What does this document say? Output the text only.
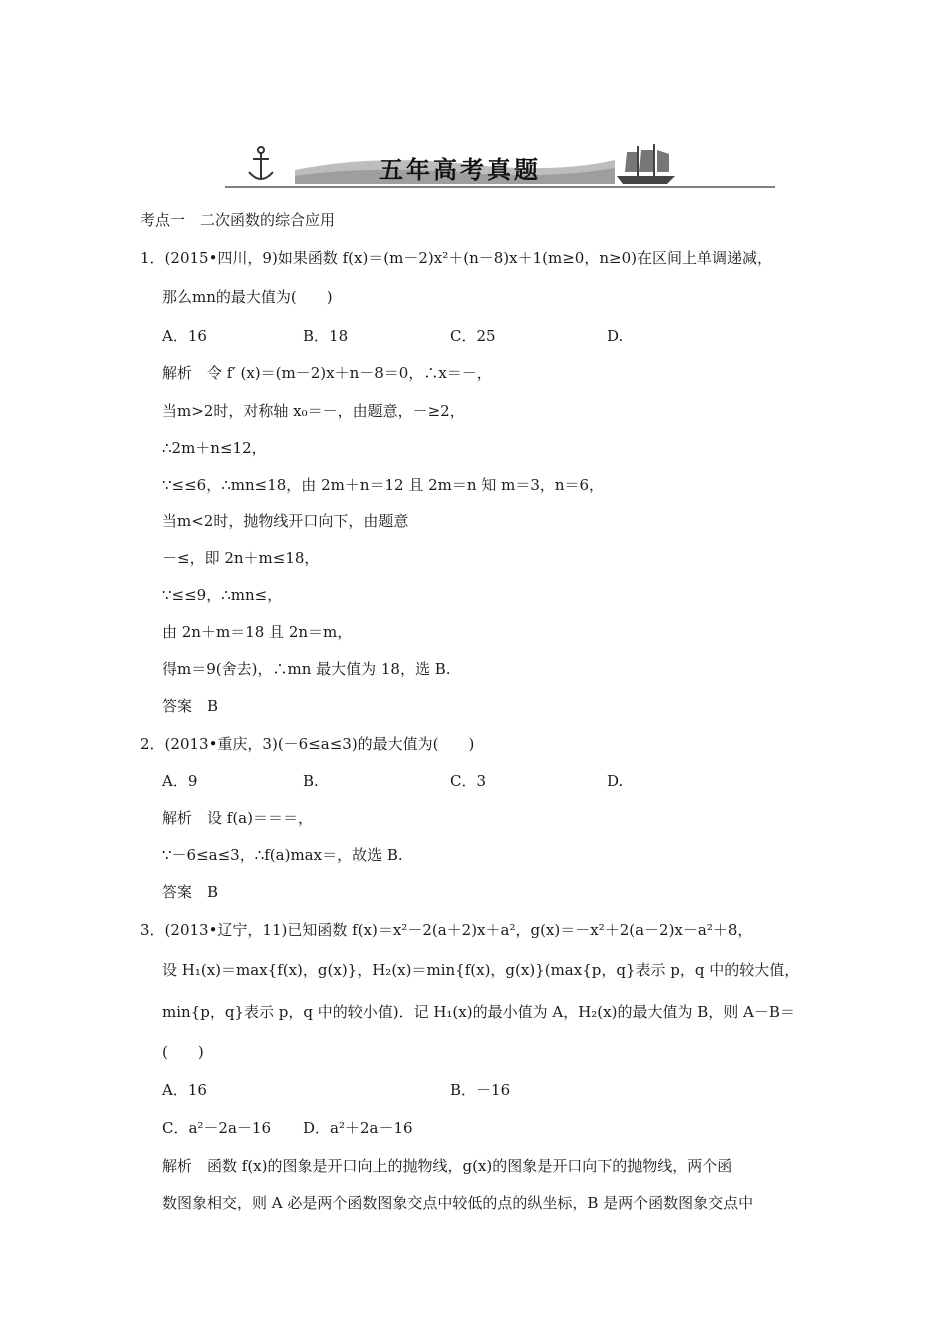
五年高考真题
考点一　二次函数的综合应用
1．(2015•四川，9)如果函数 f(x)＝(m－2)x²＋(n－8)x＋1(m≥0，n≥0)在区间上单调递减，
那么mn的最大值为(　　)
A．16	B．18	C．25	D.
解析　令 f′ (x)＝(m－2)x＋n－8＝0，∴x＝－，
当m>2时，对称轴 x₀＝－，由题意，－≥2，
∴2m＋n≤12，
∵≤≤6，∴mn≤18，由 2m＋n＝12 且 2m＝n 知 m＝3，n＝6，
当m<2时，抛物线开口向下，由题意
－≤，即 2n＋m≤18，
∵≤≤9，∴mn≤，
由 2n＋m＝18 且 2n＝m，
得m＝9(舍去)，∴mn 最大值为 18，选 B.
答案　B
2．(2013•重庆，3)(－6≤a≤3)的最大值为(　　)
A．9	B.	C．3	D.
解析　设 f(a)＝＝＝，
∵－6≤a≤3，∴f(a)max＝，故选 B.
答案　B
3．(2013•辽宁，11)已知函数 f(x)＝x²－2(a＋2)x＋a²，g(x)＝－x²＋2(a－2)x－a²＋8，
设 H₁(x)＝max{f(x)，g(x)}，H₂(x)＝min{f(x)，g(x)}(max{p，q}表示 p，q 中的较大值，
min{p，q}表示 p，q 中的较小值)．记 H₁(x)的最小值为 A，H₂(x)的最大值为 B，则 A－B＝
(　　)
A．16	B．－16
C．a²－2a－16 D．a²＋2a－16
解析　函数 f(x)的图象是开口向上的抛物线，g(x)的图象是开口向下的抛物线，两个函
数图象相交，则 A 必是两个函数图象交点中较低的点的纵坐标，B 是两个函数图象交点中
